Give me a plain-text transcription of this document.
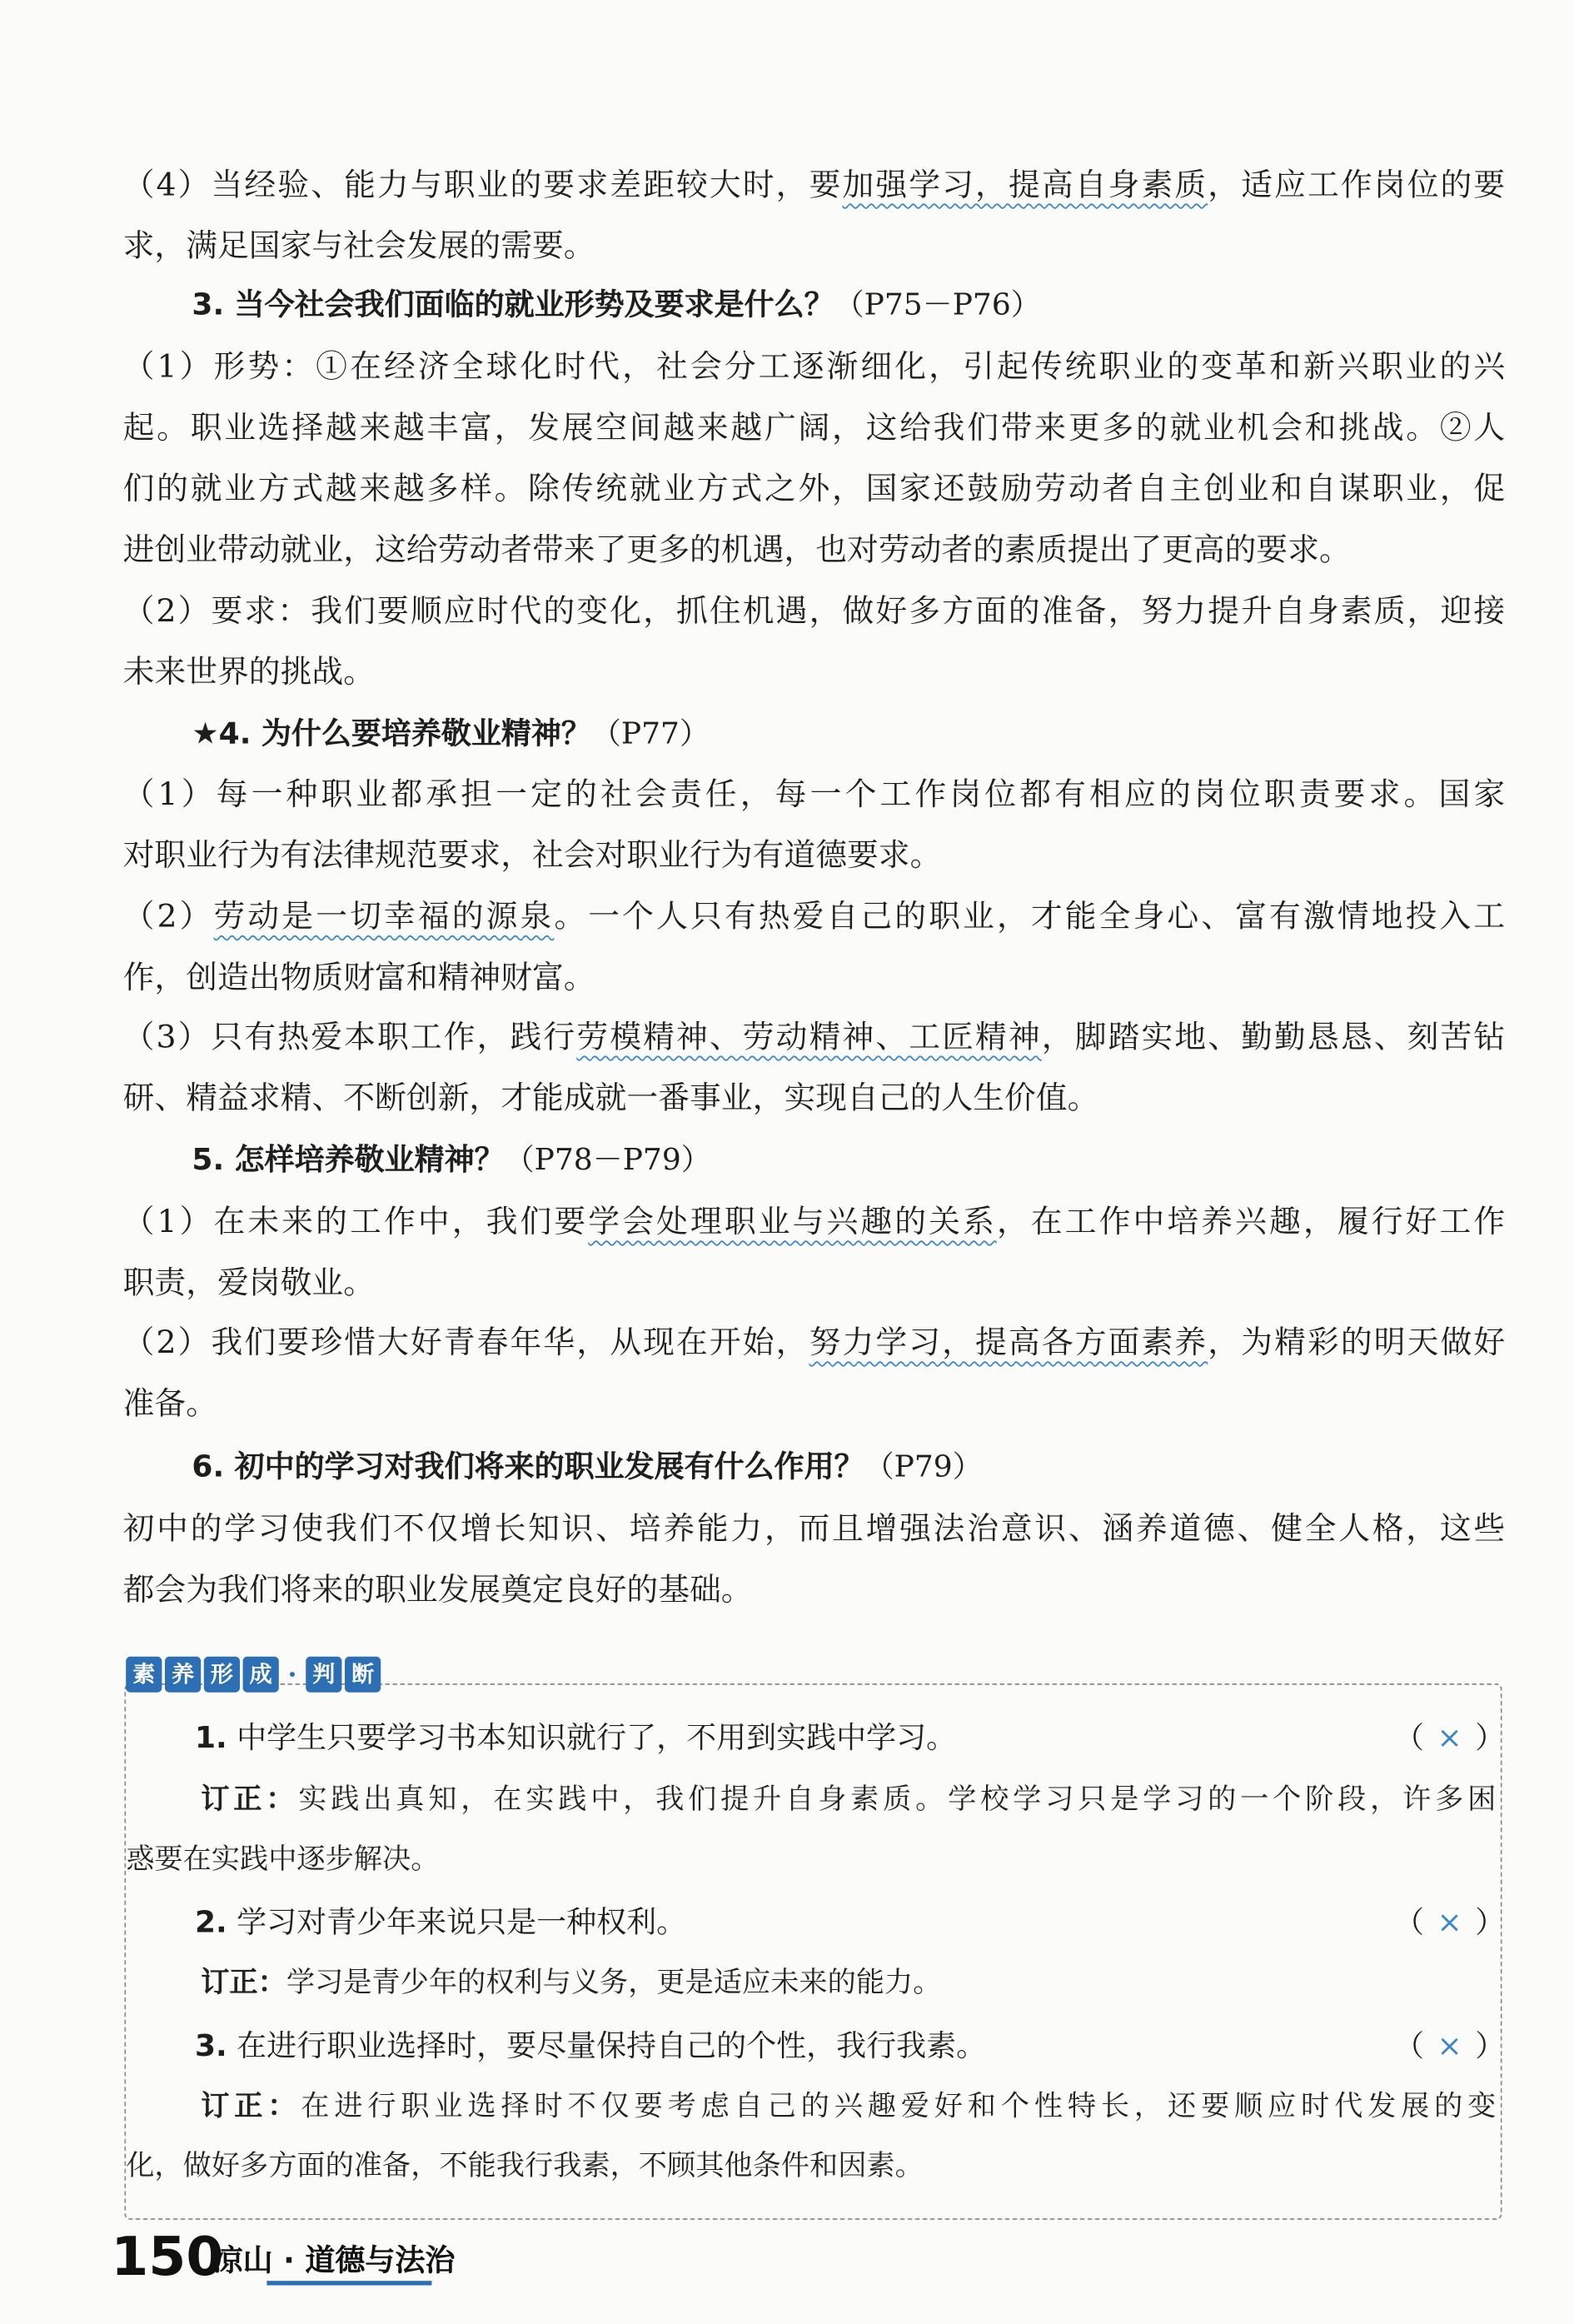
（4）当经验、能力与职业的要求差距较大时，要加强学习，提高自身素质，适应工作岗位的要
求，满足国家与社会发展的需要。
3. 当今社会我们面临的就业形势及要求是什么？（P75－P76）
（1）形势：①在经济全球化时代，社会分工逐渐细化，引起传统职业的变革和新兴职业的兴
起。职业选择越来越丰富，发展空间越来越广阔，这给我们带来更多的就业机会和挑战。②人
们的就业方式越来越多样。除传统就业方式之外，国家还鼓励劳动者自主创业和自谋职业，促
进创业带动就业，这给劳动者带来了更多的机遇，也对劳动者的素质提出了更高的要求。
（2）要求：我们要顺应时代的变化，抓住机遇，做好多方面的准备，努力提升自身素质，迎接
未来世界的挑战。
★4. 为什么要培养敬业精神？（P77）
（1）每一种职业都承担一定的社会责任，每一个工作岗位都有相应的岗位职责要求。国家
对职业行为有法律规范要求，社会对职业行为有道德要求。
（2）劳动是一切幸福的源泉。一个人只有热爱自己的职业，才能全身心、富有激情地投入工
作，创造出物质财富和精神财富。
（3）只有热爱本职工作，践行劳模精神、劳动精神、工匠精神，脚踏实地、勤勤恳恳、刻苦钻
研、精益求精、不断创新，才能成就一番事业，实现自己的人生价值。
5. 怎样培养敬业精神？（P78－P79）
（1）在未来的工作中，我们要学会处理职业与兴趣的关系，在工作中培养兴趣，履行好工作
职责，爱岗敬业。
（2）我们要珍惜大好青春年华，从现在开始，努力学习，提高各方面素养，为精彩的明天做好
准备。
6. 初中的学习对我们将来的职业发展有什么作用？（P79）
初中的学习使我们不仅增长知识、培养能力，而且增强法治意识、涵养道德、健全人格，这些
都会为我们将来的职业发展奠定良好的基础。
素	养	形	成	·	判	断
1. 中学生只要学习书本知识就行了，不用到实践中学习。	（ × ）
订正：实践出真知，在实践中，我们提升自身素质。学校学习只是学习的一个阶段，许多困
惑要在实践中逐步解决。
2. 学习对青少年来说只是一种权利。	（ × ）
订正：学习是青少年的权利与义务，更是适应未来的能力。
3. 在进行职业选择时，要尽量保持自己的个性，我行我素。	（ × ）
订正：在进行职业选择时不仅要考虑自己的兴趣爱好和个性特长，还要顺应时代发展的变
化，做好多方面的准备，不能我行我素，不顾其他条件和因素。
150
凉山 · 道德与法治
